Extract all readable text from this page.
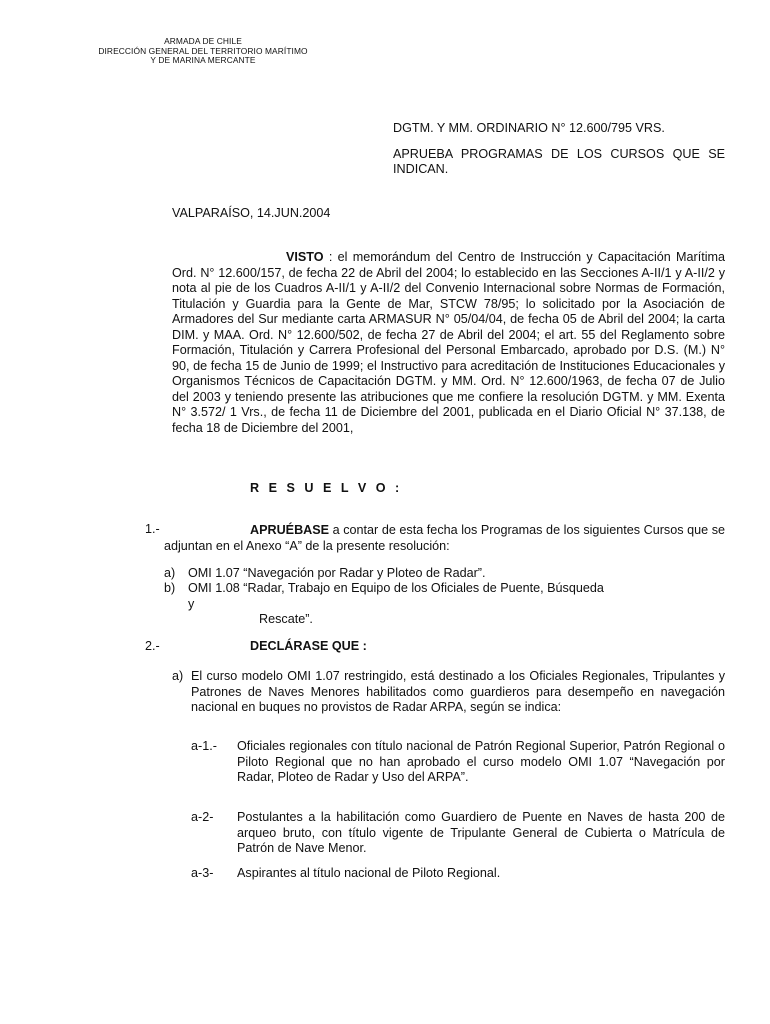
ARMADA DE CHILE
DIRECCIÓN GENERAL DEL TERRITORIO MARÍTIMO
Y DE MARINA MERCANTE
DGTM. Y MM. ORDINARIO N° 12.600/795 VRS.
APRUEBA PROGRAMAS DE LOS CURSOS QUE SE INDICAN.
VALPARAÍSO, 14.JUN.2004
VISTO : el memorándum del Centro de Instrucción y Capacitación Marítima Ord. N° 12.600/157, de fecha 22 de Abril del 2004; lo establecido en las Secciones A-II/1 y A-II/2 y nota al pie de los Cuadros A-II/1 y A-II/2 del Convenio Internacional sobre Normas de Formación, Titulación y Guardia para la Gente de Mar, STCW 78/95; lo solicitado por la Asociación de Armadores del Sur mediante carta ARMASUR N° 05/04/04, de fecha 05 de Abril del 2004; la carta DIM. y MAA. Ord. N° 12.600/502, de fecha 27 de Abril del 2004; el art. 55 del Reglamento sobre Formación, Titulación y Carrera Profesional del Personal Embarcado, aprobado por D.S. (M.) N° 90, de fecha 15 de Junio de 1999; el Instructivo para acreditación de Instituciones Educacionales y Organismos Técnicos de Capacitación DGTM. y MM. Ord. N° 12.600/1963, de fecha 07 de Julio del 2003 y teniendo presente las atribuciones que me confiere la resolución DGTM. y MM. Exenta N° 3.572/ 1 Vrs., de fecha 11 de Diciembre del 2001, publicada en el Diario Oficial N° 37.138, de fecha 18 de Diciembre del 2001,
R E S U E L V O :
1.-	APRUÉBASE a contar de esta fecha los Programas de los siguientes Cursos que se adjuntan en el Anexo “A” de la presente resolución:
a) OMI 1.07 “Navegación por Radar y Ploteo de Radar”.
b) OMI 1.08 “Radar, Trabajo en Equipo de los Oficiales de Puente, Búsqueda
y
Rescate”.
2.-	DECLÁRASE QUE :
a) El curso modelo OMI 1.07 restringido, está destinado a los Oficiales Regionales, Tripulantes y Patrones de Naves Menores habilitados como guardieros para desempeño en navegación nacional en buques no provistos de Radar ARPA, según se indica:
a-1.- Oficiales regionales con título nacional de Patrón Regional Superior, Patrón Regional o Piloto Regional que no han aprobado el curso modelo OMI 1.07 “Navegación por Radar, Ploteo de Radar y Uso del ARPA”.
a-2- Postulantes a la habilitación como Guardiero de Puente en Naves de hasta 200 de arqueo bruto, con título vigente de Tripulante General de Cubierta o Matrícula de Patrón de Nave Menor.
a-3- Aspirantes al título nacional de Piloto Regional.
